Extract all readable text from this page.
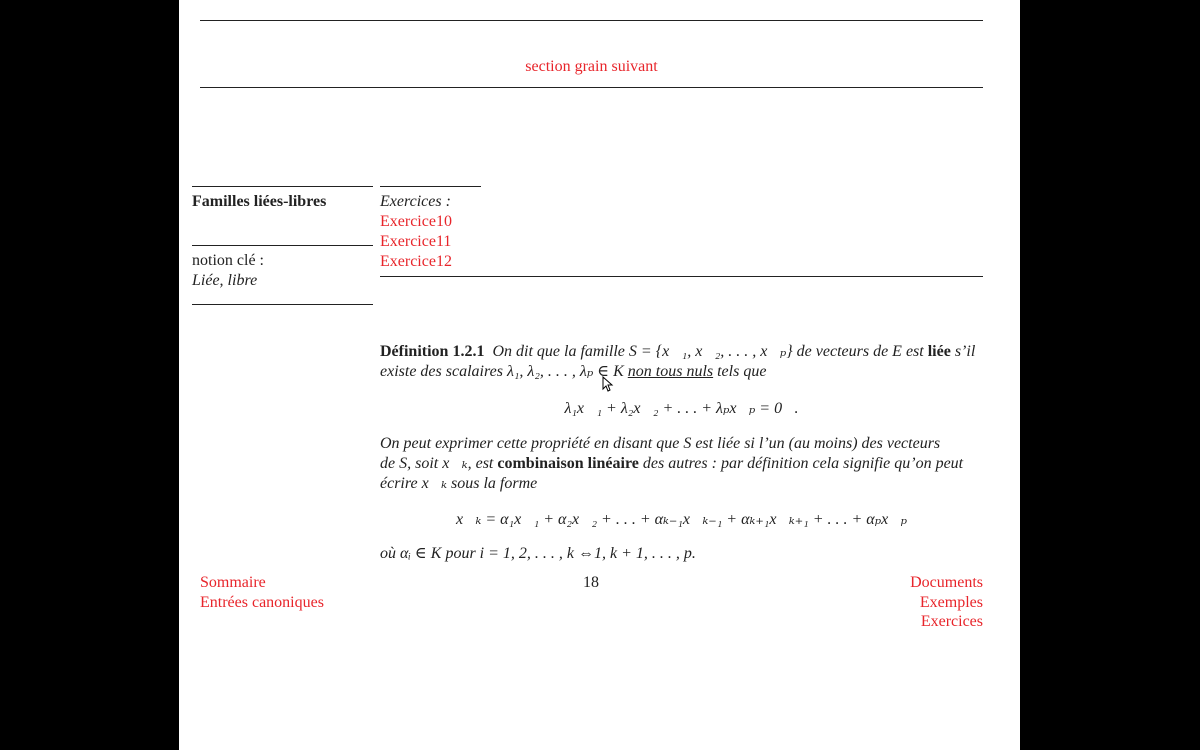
section grain suivant
Familles liées-libres
notion clé :
Liée, libre
Exercices :
Exercice10
Exercice11
Exercice12
Définition 1.2.1 On dit que la famille S = {x⃗₁, x⃗₂, . . . , x⃗ₚ} de vecteurs de E est liée s’il
existe des scalaires λ₁, λ₂, . . . , λₚ ∈ K non tous nuls tels que
λ₁x⃗₁ + λ₂x⃗₂ + . . . + λₚx⃗ₚ = 0⃗.
On peut exprimer cette propriété en disant que S est liée si l’un (au moins) des vecteurs
de S, soit x⃗ₖ, est combinaison linéaire des autres : par définition cela signifie qu’on peut
écrire x⃗ₖ sous la forme
x⃗ₖ = α₁x⃗₁ + α₂x⃗₂ + . . . + αₖ₋₁x⃗ₖ₋₁ + αₖ₊₁x⃗ₖ₊₁ + . . . + αₚx⃗ₚ
où αᵢ ∈ K pour i = 1, 2, . . . , k ⇔1, k + 1, . . . , p.
Sommaire
Entrées canoniques
18	Documents
Exemples
Exercices
